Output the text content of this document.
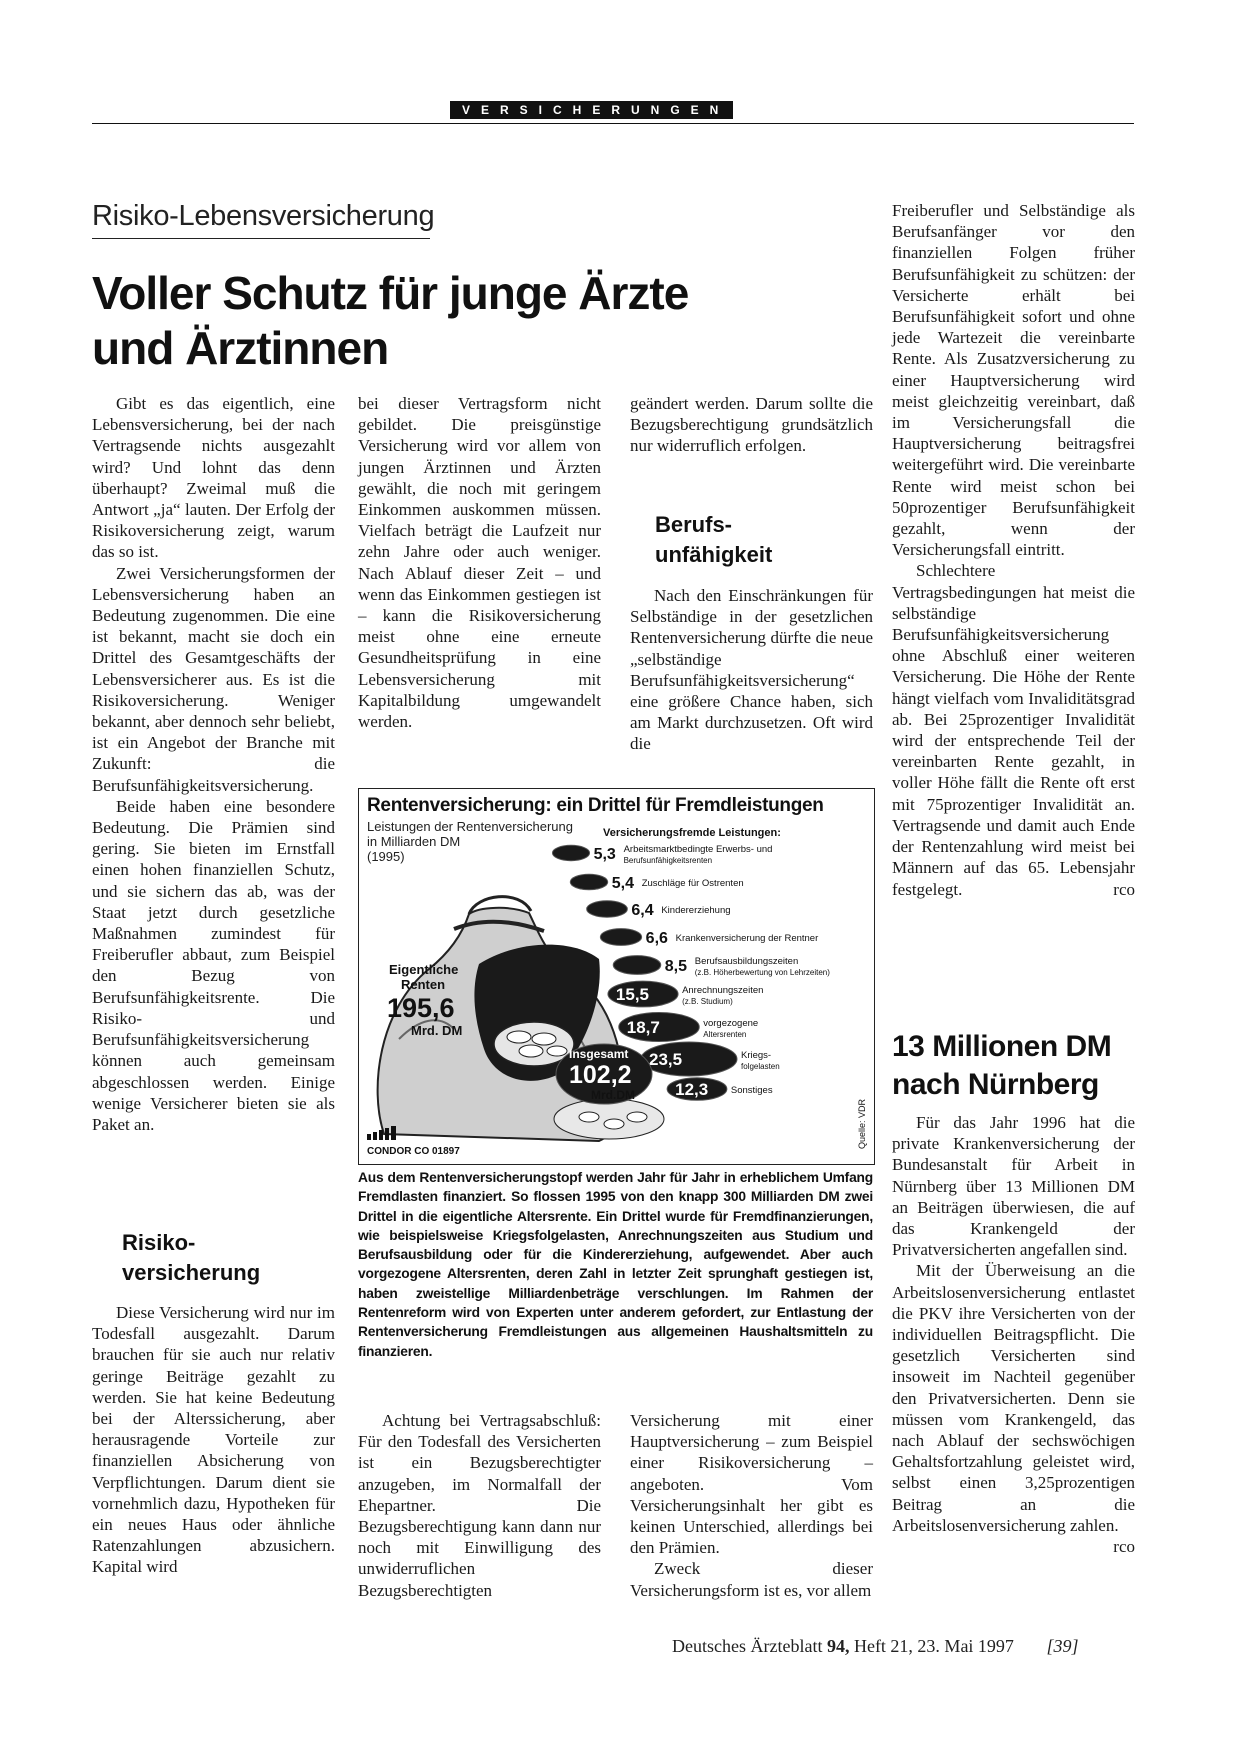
VERSICHERUNGEN
Risiko-Lebensversicherung
Voller Schutz für junge Ärzte
und Ärztinnen

Gibt es das eigentlich, eine Lebensversicherung, bei der nach Vertragsende nichts ausgezahlt wird? Und lohnt das denn überhaupt? Zweimal muß die Antwort „ja“ lauten. Der Erfolg der Risikoversicherung zeigt, warum das so ist.

Zwei Versicherungsformen der Lebensversicherung haben an Bedeutung zugenommen. Die eine ist bekannt, macht sie doch ein Drittel des Gesamtgeschäfts der Lebensversicherer aus. Es ist die Risikoversicherung. Weniger bekannt, aber dennoch sehr beliebt, ist ein Angebot der Branche mit Zukunft: die Berufsunfähigkeitsversicherung.

Beide haben eine besondere Bedeutung. Die Prämien sind gering. Sie bieten im Ernstfall einen hohen finanziellen Schutz, und sie sichern das ab, was der Staat jetzt durch gesetzliche Maßnahmen zumindest für Freiberufler abbaut, zum Beispiel den Bezug von Berufsunfähigkeitsrente. Die Risiko- und Berufsunfähigkeitsversicherung können auch gemeinsam abgeschlossen werden. Einige wenige Versicherer bieten sie als Paket an.

Risiko-
versicherung

Diese Versicherung wird nur im Todesfall ausgezahlt. Darum brauchen für sie auch nur relativ geringe Beiträge gezahlt zu werden. Sie hat keine Bedeutung bei der Alterssicherung, aber herausragende Vorteile zur finanziellen Absicherung von Verpflichtungen. Darum dient sie vornehmlich dazu, Hypotheken für ein neues Haus oder ähnliche Ratenzahlungen abzusichern. Kapital wird

bei dieser Vertragsform nicht gebildet. Die preisgünstige Versicherung wird vor allem von jungen Ärztinnen und Ärzten gewählt, die noch mit geringem Einkommen auskommen müssen. Vielfach beträgt die Laufzeit nur zehn Jahre oder auch weniger. Nach Ablauf dieser Zeit – und wenn das Einkommen gestiegen ist – kann die Risikoversicherung meist ohne eine erneute Gesundheitsprüfung in eine Lebensversicherung mit Kapitalbildung umgewandelt werden.

geändert werden. Darum sollte die Bezugsberechtigung grundsätzlich nur widerruflich erfolgen.

Berufs-
unfähigkeit

Nach den Einschränkungen für Selbständige in der gesetzlichen Rentenversicherung dürfte die neue „selbständige Berufsunfähigkeitsversicherung“ eine größere Chance haben, sich am Markt durchzusetzen. Oft wird die

Rentenversicherung: ein Drittel für Fremdleistungen
Leistungen der Rentenversicherung
in Milliarden DM
(1995)	5,3 Arbeitsmarktbedingte Erwerbs- und
Berufsunfähigkeitsrenten
5,4 Zuschläge für Ostrenten
6,4 Kindererziehung
6,6 Krankenversicherung der Rentner
8,5 Berufsausbildungszeiten
(z.B. Höherbewertung von Lehrzeiten)
15,5	Anrechnungszeiten
(z.B. Studium)
18,7	vorgezogene
Altersrenten
23,5	Kriegs-
folgelasten
12,3 Sonstiges
Eigentliche
Renten
195,6
Mrd. DM
Versicherungsfremde Leistungen:
Insgesamt
102,2
Mrd.DM
CONDOR CO 01897
Quelle: VDR
Aus dem Rentenversicherungstopf werden Jahr für Jahr in erheblichem Umfang Fremdlasten finanziert. So flossen 1995 von den knapp 300 Milliarden DM zwei Drittel in die eigentliche Altersrente. Ein Drittel wurde für Fremdfinanzierungen, wie beispielsweise Kriegsfolgelasten, Anrechnungszeiten aus Studium und Berufsausbildung oder für die Kindererziehung, aufgewendet. Aber auch vorgezogene Altersrenten, deren Zahl in letzter Zeit sprunghaft gestiegen ist, haben zweistellige Milliardenbeträge verschlungen. Im Rahmen der Rentenreform wird von Experten unter anderem gefordert, zur Entlastung der Rentenversicherung Fremdleistungen aus allgemeinen Haushaltsmitteln zu finanzieren.

Achtung bei Vertragsabschluß: Für den Todesfall des Versicherten ist ein Bezugsberechtigter anzugeben, im Normalfall der Ehepartner. Die Bezugsberechtigung kann dann nur noch mit Einwilligung des unwiderruflichen Bezugsberechtigten

Versicherung mit einer Hauptversicherung – zum Beispiel einer Risikoversicherung – angeboten. Vom Versicherungsinhalt her gibt es keinen Unterschied, allerdings bei den Prämien.

Zweck dieser Versicherungsform ist es, vor allem

Freiberufler und Selbständige als Berufsanfänger vor den finanziellen Folgen früher Berufsunfähigkeit zu schützen: der Versicherte erhält bei Berufsunfähigkeit sofort und ohne jede Wartezeit die vereinbarte Rente. Als Zusatzversicherung zu einer Hauptversicherung wird meist gleichzeitig vereinbart, daß im Versicherungsfall die Hauptversicherung beitragsfrei weitergeführt wird. Die vereinbarte Rente wird meist schon bei 50prozentiger Berufsunfähigkeit gezahlt, wenn der Versicherungsfall eintritt.

Schlechtere Vertragsbedingungen hat meist die selbständige Berufsunfähigkeitsversicherung ohne Abschluß einer weiteren Versicherung. Die Höhe der Rente hängt vielfach vom Invaliditätsgrad ab. Bei 25prozentiger Invalidität wird der entsprechende Teil der vereinbarten Rente gezahlt, in voller Höhe fällt die Rente oft erst mit 75prozentiger Invalidität an. Vertragsende und damit auch Ende der Rentenzahlung wird meist bei Männern auf das 65. Lebensjahr festgelegt.	rco

13 Millionen DM
nach Nürnberg

Für das Jahr 1996 hat die private Krankenversicherung der Bundesanstalt für Arbeit in Nürnberg über 13 Millionen DM an Beiträgen überwiesen, die auf das Krankengeld der Privatversicherten angefallen sind.

Mit der Überweisung an die Arbeitslosenversicherung entlastet die PKV ihre Versicherten von der individuellen Beitragspflicht. Die gesetzlich Versicherten sind insoweit im Nachteil gegenüber den Privatversicherten. Denn sie müssen vom Krankengeld, das nach Ablauf der sechswöchigen Gehaltsfortzahlung geleistet wird, selbst einen 3,25prozentigen Beitrag an die Arbeitslosenversicherung zahlen.
rco

Deutsches Ärzteblatt 94, Heft 21, 23. Mai 1997 [39]
